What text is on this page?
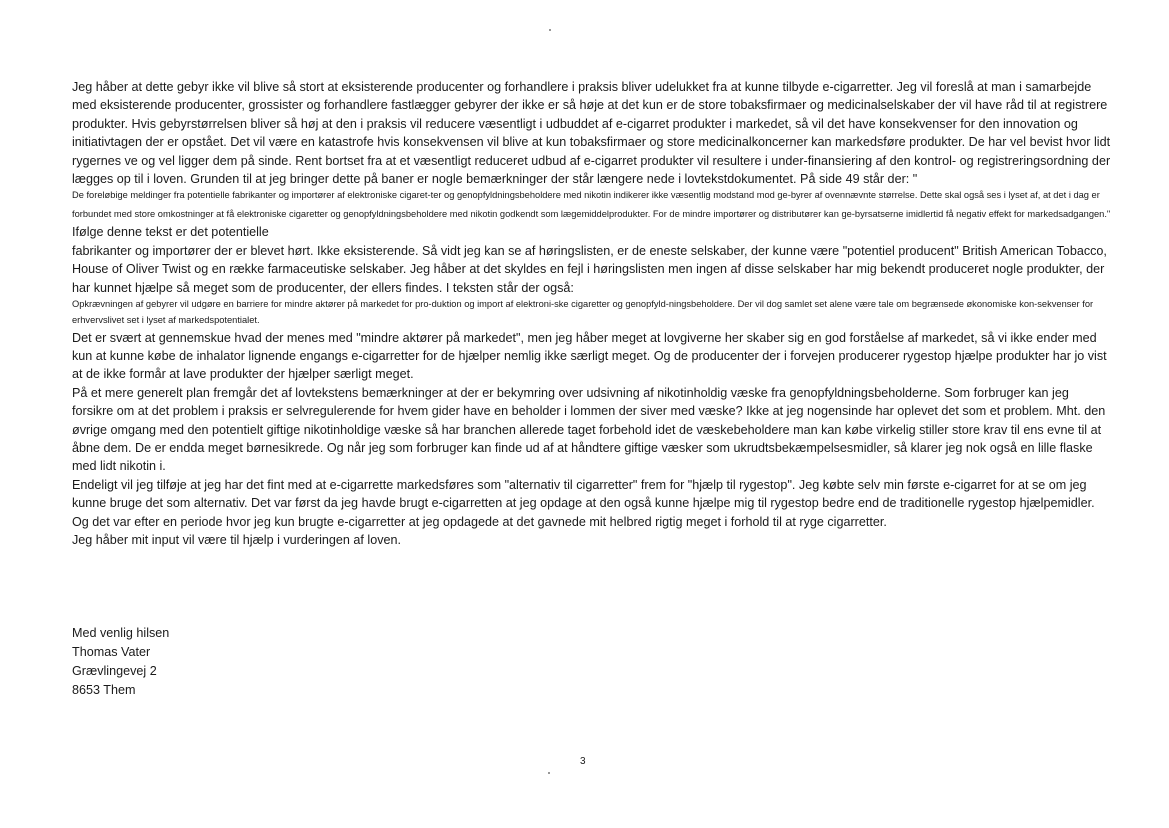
Jeg håber at dette gebyr ikke vil blive så stort at eksisterende producenter og forhandlere i praksis bliver udelukket fra at kunne tilbyde e-cigarretter. Jeg vil foreslå at man i samarbejde med eksisterende producenter, grossister og forhandlere fastlægger gebyrer der ikke er så høje at det kun er de store tobaksfirmaer og medicinalselskaber der vil have råd til at registrere produkter. Hvis gebyrstørrelsen bliver så høj at den i praksis vil reducere væsentligt i udbuddet af e-cigarret produkter i markedet, så vil det have konsekvenser for den innovation og initiativtagen der er opstået. Det vil være en katastrofe hvis konsekvensen vil blive at kun tobaksfirmaer og store medicinalkoncerner kan markedsføre produkter. De har vel bevist hvor lidt rygernes ve og vel ligger dem på sinde. Rent bortset fra at et væsentligt reduceret udbud af e-cigarret produkter vil resultere i under-finansiering af den kontrol- og registreringsordning der lægges op til i loven. Grunden til at jeg bringer dette på baner er nogle bemærkninger der står længere nede i lovtekstdokumentet. På side 49 står der: "

De foreløbige meldinger fra potentielle fabrikanter og importører af elektroniske cigaret-ter og genopfyldningsbeholdere med nikotin indikerer ikke væsentlig modstand mod ge-byrer af ovennævnte størrelse. Dette skal også ses i lyset af, at det i dag er forbundet med store omkostninger at få elektroniske cigaretter og genopfyldningsbeholdere med nikotin godkendt som lægemiddelprodukter. For de mindre importører og distributører kan ge-byrsatserne imidlertid få negativ effekt for markedsadgangen." Ifølge denne tekst er det potentielle

fabrikanter og importører der er blevet hørt. Ikke eksisterende. Så vidt jeg kan se af høringslisten, er de eneste selskaber, der kunne være "potentiel producent" British American Tobacco, House of Oliver Twist og en række farmaceutiske selskaber. Jeg håber at det skyldes en fejl i høringslisten men ingen af disse selskaber har mig bekendt produceret nogle produkter, der har kunnet hjælpe så meget som de producenter, der ellers findes. I teksten står der også:

Opkrævningen af gebyrer vil udgøre en barriere for mindre aktører på markedet for pro-duktion og import af elektroni-ske cigaretter og genopfyld-ningsbeholdere. Der vil dog samlet set alene være tale om begrænsede økonomiske kon-sekvenser for erhvervslivet set i lyset af markedspotentialet.

Det er svært at gennemskue hvad der menes med "mindre aktører på markedet", men jeg håber meget at lovgiverne her skaber sig en god forståelse af markedet, så vi ikke ender med kun at kunne købe de inhalator lignende engangs e-cigarretter for de hjælper nemlig ikke særligt meget. Og de producenter der i forvejen producerer rygestop hjælpe produkter har jo vist at de ikke formår at lave produkter der hjælper særligt meget.

På et mere generelt plan fremgår det af lovtekstens bemærkninger at der er bekymring over udsivning af nikotinholdig væske fra genopfyldningsbeholderne. Som forbruger kan jeg forsikre om at det problem i praksis er selvregulerende for hvem gider have en beholder i lommen der siver med væske? Ikke at jeg nogensinde har oplevet det som et problem. Mht. den øvrige omgang med den potentielt giftige nikotinholdige væske så har branchen allerede taget forbehold idet de væskebeholdere man kan købe virkelig stiller store krav til ens evne til at åbne dem. De er endda meget børnesikrede. Og når jeg som forbruger kan finde ud af at håndtere giftige væsker som ukrudtsbekæmpelsesmidler, så klarer jeg nok også en lille flaske med lidt nikotin i.

Endeligt vil jeg tilføje at jeg har det fint med at e-cigarrette markedsføres som "alternativ til cigarretter" frem for "hjælp til rygestop". Jeg købte selv min første e-cigarret for at se om jeg kunne bruge det som alternativ. Det var først da jeg havde brugt e-cigarretten at jeg opdage at den også kunne hjælpe mig til rygestop bedre end de traditionelle rygestop hjælpemidler. Og det var efter en periode hvor jeg kun brugte e-cigarretter at jeg opdagede at det gavnede mit helbred rigtig meget i forhold til at ryge cigarretter.

Jeg håber mit input vil være til hjælp i vurderingen af loven.

Med venlig hilsen
Thomas Vater
Grævlingevej 2
8653 Them
3
